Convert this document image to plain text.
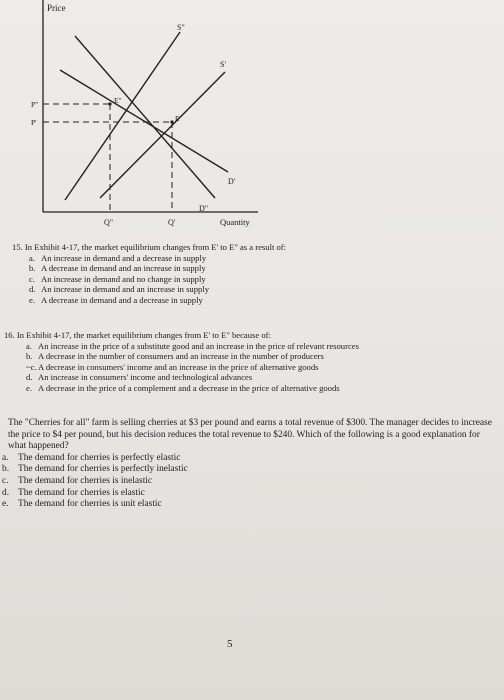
Price
Quantity
S"
S'
D'
D"
E"
E'
P"
P'
Q"	Q'
15. In Exhibit 4-17, the market equilibrium changes from E' to E" as a result of:
a. An increase in demand and a decrease in supply
b. A decrease in demand and an increase in supply
c. An increase in demand and no change in supply
d. An increase in demand and an increase in supply
e. A decrease in demand and a decrease in supply
16. In Exhibit 4-17, the market equilibrium changes from E' to E" because of:
a. An increase in the price of a substitute good and an increase in the price of relevant resources
b. A decrease in the number of consumers and an increase in the number of producers
~c. A decrease in consumers' income and an increase in the price of alternative goods
d. An increase in consumers' income and technological advances
e. A decrease in the price of a complement and a decrease in the price of alternative goods
The "Cherries for all" farm is selling cherries at $3 per pound and earns a total revenue of $300. The manager decides to increase the price to $4 per pound, but his decision reduces the total revenue to $240. Which of the following is a good explanation for what happened?
a.	The demand for cherries is perfectly elastic
b. The demand for cherries is perfectly inelastic
c.	The demand for cherries is inelastic
d. The demand for cherries is elastic
e.	The demand for cherries is unit elastic
5
